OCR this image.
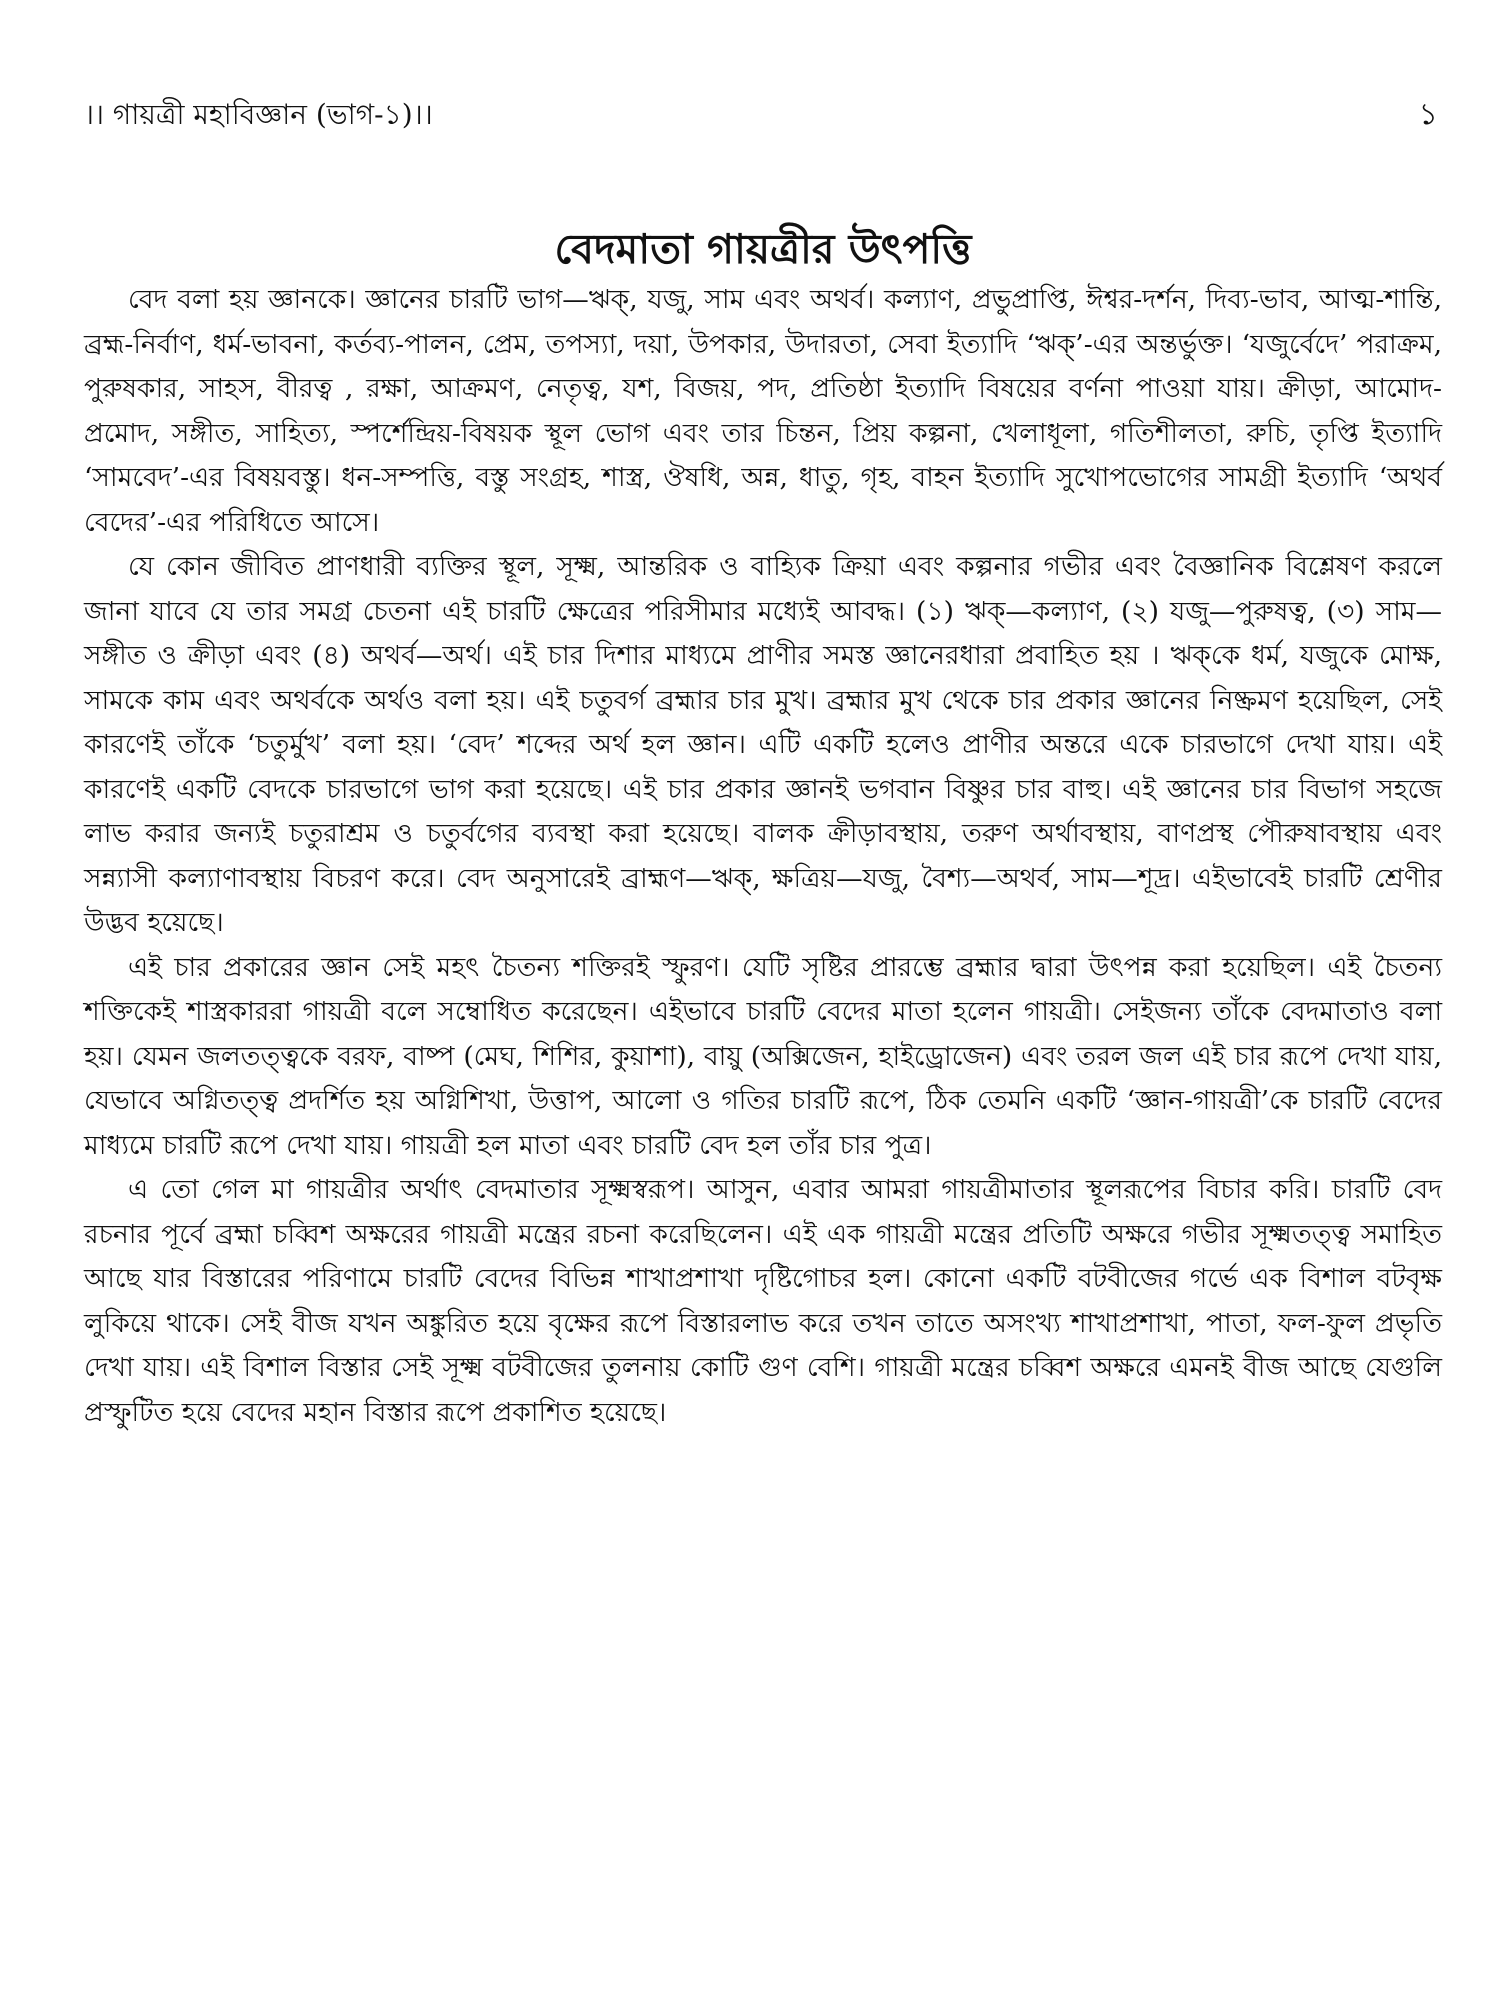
।। গায়ত্রী মহাবিজ্ঞান (ভাগ-১)।।	১
বেদমাতা গায়ত্রীর উৎপত্তি

বেদ বলা হয় জ্ঞানকে। জ্ঞানের চারটি ভাগ—ঋক্, যজু, সাম এবং অথর্ব। কল্যাণ, প্রভুপ্রাপ্তি, ঈশ্বর-দর্শন, দিব্য-ভাব, আত্ম-শান্তি, ব্রহ্ম-নির্বাণ, ধর্ম-ভাবনা, কর্তব্য-পালন, প্রেম, তপস্যা, দয়া, উপকার, উদারতা, সেবা ইত্যাদি ‘ঋক্’-এর অন্তর্ভুক্ত। ‘যজুর্বেদে’ পরাক্রম, পুরুষকার, সাহস, বীরত্ব , রক্ষা, আক্রমণ, নেতৃত্ব, যশ, বিজয়, পদ, প্রতিষ্ঠা ইত্যাদি বিষয়ের বর্ণনা পাওয়া যায়। ক্রীড়া, আমোদ-প্রমোদ, সঙ্গীত, সাহিত্য, স্পর্শেন্দ্রিয়-বিষয়ক স্থূল ভোগ এবং তার চিন্তন, প্রিয় কল্পনা, খেলাধূলা, গতিশীলতা, রুচি, তৃপ্তি ইত্যাদি ‘সামবেদ’-এর বিষয়বস্তু। ধন-সম্পত্তি, বস্তু সংগ্রহ, শাস্ত্র, ঔষধি, অন্ন, ধাতু, গৃহ, বাহন ইত্যাদি সুখোপভোগের সামগ্রী ইত্যাদি ‘অথর্ব বেদের’-এর পরিধিতে আসে।

যে কোন জীবিত প্রাণধারী ব্যক্তির স্থূল, সূক্ষ্ম, আন্তরিক ও বাহ্যিক ক্রিয়া এবং কল্পনার গভীর এবং বৈজ্ঞানিক বিশ্লেষণ করলে জানা যাবে যে তার সমগ্র চেতনা এই চারটি ক্ষেত্রের পরিসীমার মধ্যেই আবদ্ধ। (১) ঋক্—কল্যাণ, (২) যজু—পুরুষত্ব, (৩) সাম—সঙ্গীত ও ক্রীড়া এবং (৪) অথর্ব—অর্থ। এই চার দিশার মাধ্যমে প্রাণীর সমস্ত জ্ঞানেরধারা প্রবাহিত হয় । ঋক্‌কে ধর্ম, যজুকে মোক্ষ, সামকে কাম এবং অথর্বকে অর্থও বলা হয়। এই চতুবর্গ ব্রহ্মার চার মুখ। ব্রহ্মার মুখ থেকে চার প্রকার জ্ঞানের নিষ্ক্রমণ হয়েছিল, সেই কারণেই তাঁকে ‘চতুর্মুখ’ বলা হয়। ‘বেদ’ শব্দের অর্থ হল জ্ঞান। এটি একটি হলেও প্রাণীর অন্তরে একে চারভাগে দেখা যায়। এই কারণেই একটি বেদকে চারভাগে ভাগ করা হয়েছে। এই চার প্রকার জ্ঞানই ভগবান বিষ্ণুর চার বাহু। এই জ্ঞানের চার বিভাগ সহজে লাভ করার জন্যই চতুরাশ্রম ও চতুর্বগের ব্যবস্থা করা হয়েছে। বালক ক্রীড়াবস্থায়, তরুণ অর্থাবস্থায়, বাণপ্রস্থ পৌরুষাবস্থায় এবং সন্ন্যাসী কল্যাণাবস্থায় বিচরণ করে। বেদ অনুসারেই ব্রাহ্মণ—ঋক্, ক্ষত্রিয়—যজু, বৈশ্য—অথর্ব, সাম—শূদ্র। এইভাবেই চারটি শ্রেণীর উদ্ভব হয়েছে।

এই চার প্রকারের জ্ঞান সেই মহৎ চৈতন্য শক্তিরই স্ফুরণ। যেটি সৃষ্টির প্রারম্ভে ব্রহ্মার দ্বারা উৎপন্ন করা হয়েছিল। এই চৈতন্য শক্তিকেই শাস্ত্রকাররা গায়ত্রী বলে সম্বোধিত করেছেন। এইভাবে চারটি বেদের মাতা হলেন গায়ত্রী। সেইজন্য তাঁকে বেদমাতাও বলা হয়। যেমন জলতত্ত্বকে বরফ, বাষ্প (মেঘ, শিশির, কুয়াশা), বায়ু (অক্সিজেন, হাইড্রোজেন) এবং তরল জল এই চার রূপে দেখা যায়, যেভাবে অগ্নিতত্ত্ব প্রদর্শিত হয় অগ্নিশিখা, উত্তাপ, আলো ও গতির চারটি রূপে, ঠিক তেমনি একটি ‘জ্ঞান-গায়ত্রী’কে চারটি বেদের মাধ্যমে চারটি রূপে দেখা যায়। গায়ত্রী হল মাতা এবং চারটি বেদ হল তাঁর চার পুত্র।

এ তো গেল মা গায়ত্রীর অর্থাৎ বেদমাতার সূক্ষ্মস্বরূপ। আসুন, এবার আমরা গায়ত্রীমাতার স্থূলরূপের বিচার করি। চারটি বেদ রচনার পূর্বে ব্রহ্মা চব্বিশ অক্ষরের গায়ত্রী মন্ত্রের রচনা করেছিলেন। এই এক গায়ত্রী মন্ত্রের প্রতিটি অক্ষরে গভীর সূক্ষ্মতত্ত্ব সমাহিত আছে যার বিস্তারের পরিণামে চারটি বেদের বিভিন্ন শাখাপ্রশাখা দৃষ্টিগোচর হল। কোনো একটি বটবীজের গর্ভে এক বিশাল বটবৃক্ষ লুকিয়ে থাকে। সেই বীজ যখন অঙ্কুরিত হয়ে বৃক্ষের রূপে বিস্তারলাভ করে তখন তাতে অসংখ্য শাখাপ্রশাখা, পাতা, ফল-ফুল প্রভৃতি দেখা যায়। এই বিশাল বিস্তার সেই সূক্ষ্ম বটবীজের তুলনায় কোটি গুণ বেশি। গায়ত্রী মন্ত্রের চব্বিশ অক্ষরে এমনই বীজ আছে যেগুলি প্রস্ফুটিত হয়ে বেদের মহান বিস্তার রূপে প্রকাশিত হয়েছে।
